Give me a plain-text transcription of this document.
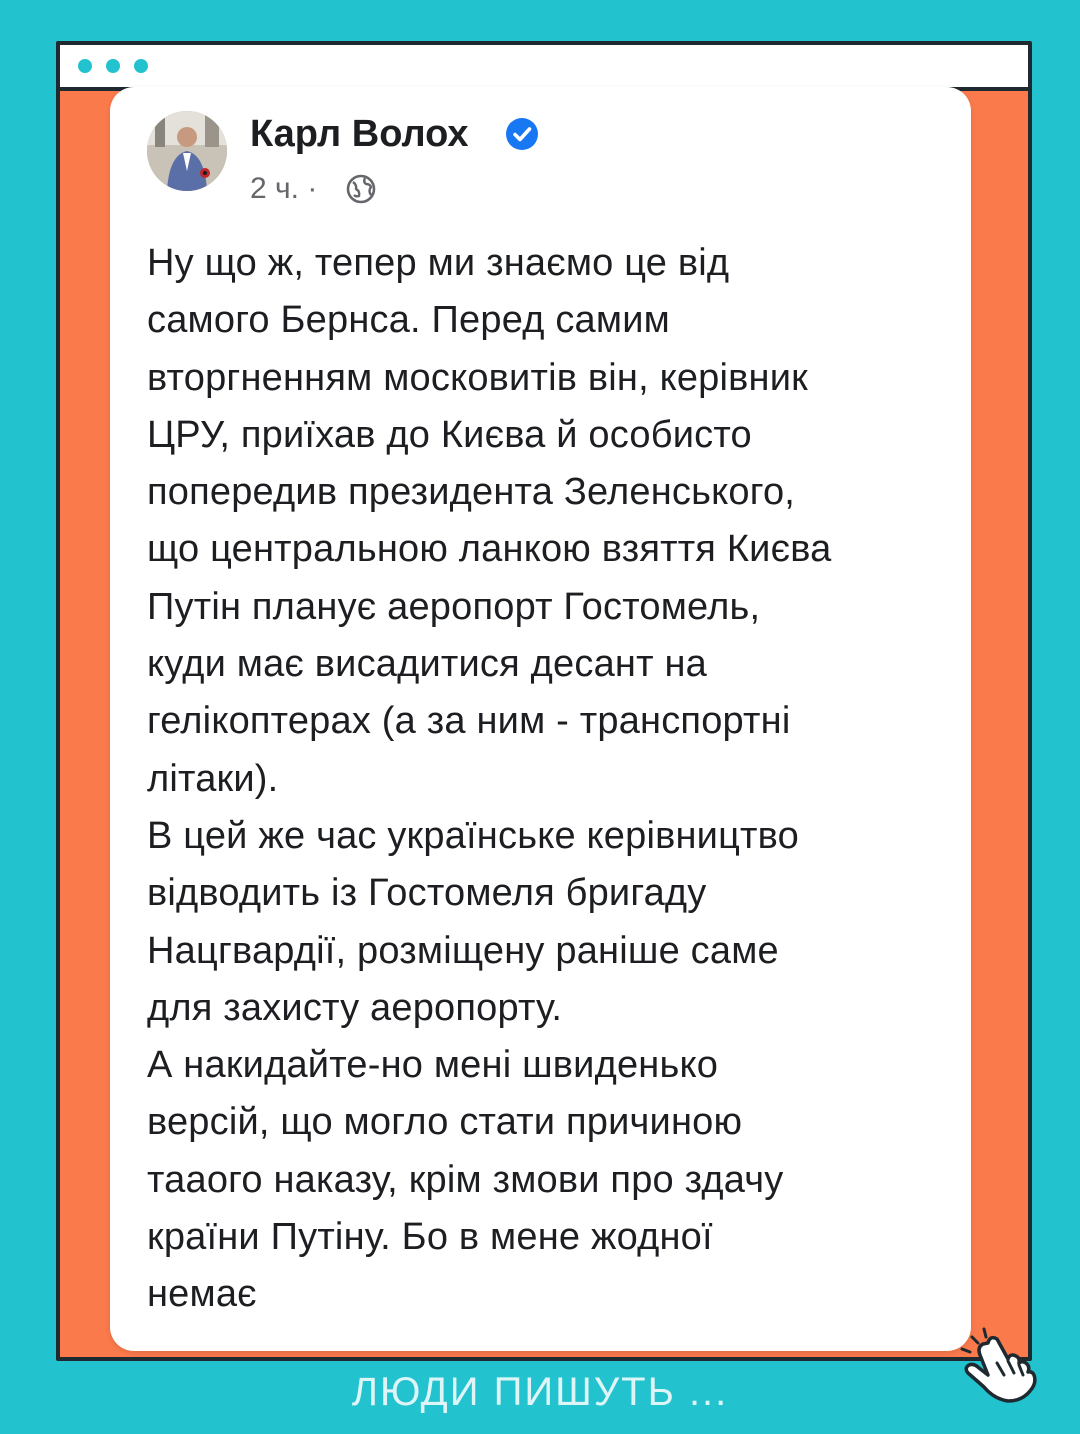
Карл Волох
2 ч. ·
Ну що ж, тепер ми знаємо це від
самого Бернса. Перед самим
вторгненням московитів він, керівник
ЦРУ, приїхав до Києва й особисто
попередив президента Зеленського,
що центральною ланкою взяття Києва
Путін планує аеропорт Гостомель,
куди має висадитися десант на
гелікоптерах (а за ним - транспортні
літаки).
В цей же час українське керівництво
відводить із Гостомеля бригаду
Нацгвардії, розміщену раніше саме
для захисту аеропорту.
А накидайте-но мені швиденько
версій, що могло стати причиною
тааого наказу, крім змови про здачу
країни Путіну. Бо в мене жодної
немає
ЛЮДИ ПИШУТЬ ...
